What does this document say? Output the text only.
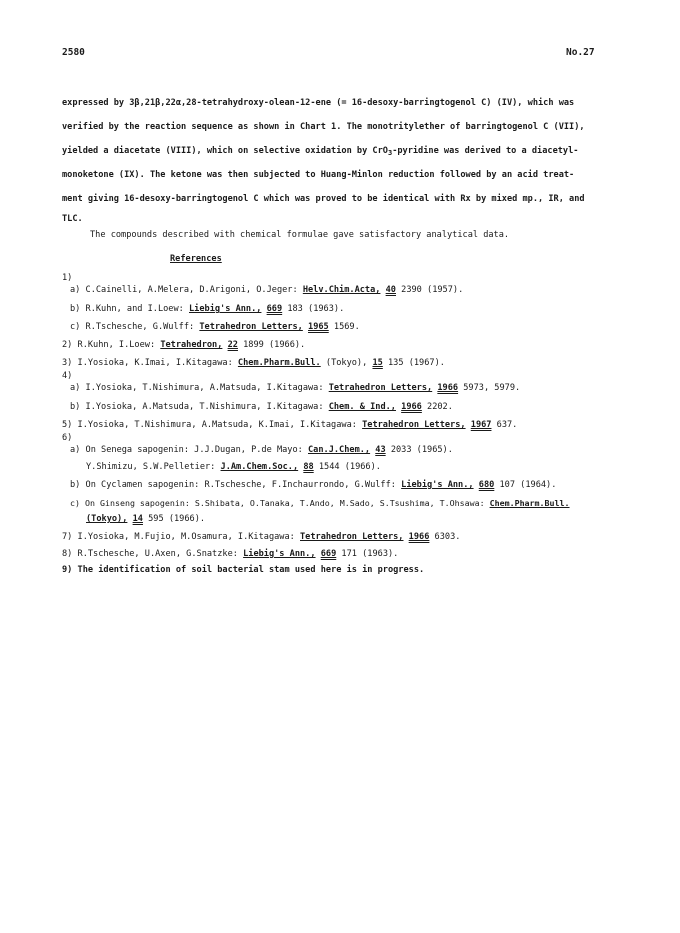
2580	No.27
expressed by 3β,21β,22α,28-tetrahydroxy-olean-12-ene (= 16-desoxy-barringtogenol C) (IV), which was
verified by the reaction sequence as shown in Chart 1. The monotritylether of barringtogenol C (VII),
yielded a diacetate (VIII), which on selective oxidation by CrO$_3$-pyridine was derived to a diacetyl-
monoketone (IX). The ketone was then subjected to Huang-Minlon reduction followed by an acid treat-
ment giving 16-desoxy-barringtogenol C which was proved to be identical with Rx by mixed mp., IR, and
TLC.
The compounds described with chemical formulae gave satisfactory analytical data.
References
1)
a) C.Cainelli, A.Melera, D.Arigoni, O.Jeger: Helv.Chim.Acta, 40 2390 (1957).
b) R.Kuhn, and I.Loew: Liebig's Ann., 669 183 (1963).
c) R.Tschesche, G.Wulff: Tetrahedron Letters, 1965 1569.
2) R.Kuhn, I.Loew: Tetrahedron, 22 1899 (1966).
3) I.Yosioka, K.Imai, I.Kitagawa: Chem.Pharm.Bull. (Tokyo), 15 135 (1967).
4)
a) I.Yosioka, T.Nishimura, A.Matsuda, I.Kitagawa: Tetrahedron Letters, 1966 5973, 5979.
b) I.Yosioka, A.Matsuda, T.Nishimura, I.Kitagawa: Chem. & Ind., 1966 2202.
5) I.Yosioka, T.Nishimura, A.Matsuda, K.Imai, I.Kitagawa: Tetrahedron Letters, 1967 637.
6)
a) On Senega sapogenin: J.J.Dugan, P.de Mayo: Can.J.Chem., 43 2033 (1965).
Y.Shimizu, S.W.Pelletier: J.Am.Chem.Soc., 88 1544 (1966).
b) On Cyclamen sapogenin: R.Tschesche, F.Inchaurrondo, G.Wulff: Liebig's Ann., 680 107 (1964).
c) On Ginseng sapogenin: S.Shibata, O.Tanaka, T.Ando, M.Sado, S.Tsushima, T.Ohsawa: Chem.Pharm.Bull.
(Tokyo), 14 595 (1966).
7) I.Yosioka, M.Fujio, M.Osamura, I.Kitagawa: Tetrahedron Letters, 1966 6303.
8) R.Tschesche, U.Axen, G.Snatzke: Liebig's Ann., 669 171 (1963).
9) The identification of soil bacterial stam used here is in progress.
